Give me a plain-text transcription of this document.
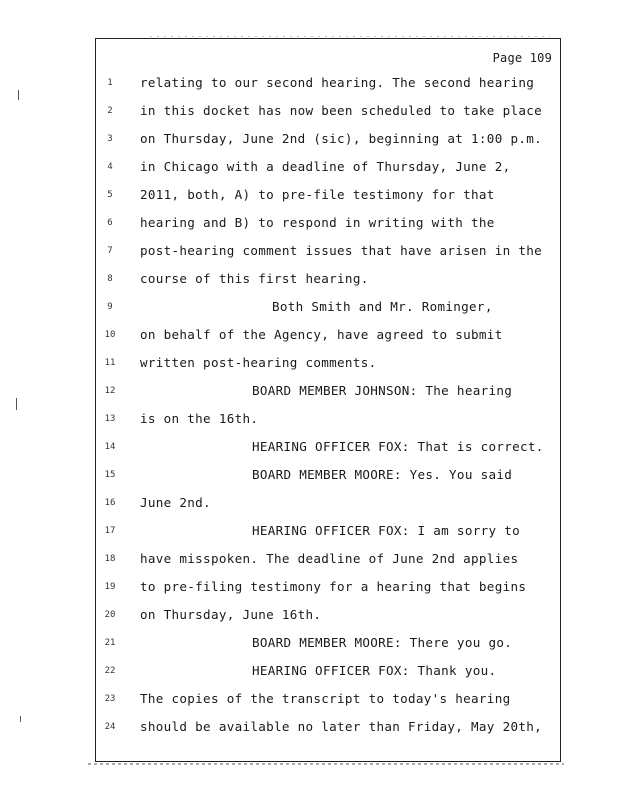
Page 109
1	relating to our second hearing. The second hearing
2	in this docket has now been scheduled to take place
3	on Thursday, June 2nd (sic), beginning at 1:00 p.m.
4	in Chicago with a deadline of Thursday, June 2,
5	2011, both, A) to pre-file testimony for that
6	hearing and B) to respond in writing with the
7	post-hearing comment issues that have arisen in the
8	course of this first hearing.
9	Both Smith and Mr. Rominger,
10 on behalf of the Agency, have agreed to submit
11 written post-hearing comments.
12	BOARD MEMBER JOHNSON: The hearing
13 is on the 16th.
14	HEARING OFFICER FOX: That is correct.
15	BOARD MEMBER MOORE: Yes. You said
16 June 2nd.
17	HEARING OFFICER FOX: I am sorry to
18 have misspoken. The deadline of June 2nd applies
19 to pre-filing testimony for a hearing that begins
20 on Thursday, June 16th.
21	BOARD MEMBER MOORE: There you go.
22	HEARING OFFICER FOX: Thank you.
23 The copies of the transcript to today's hearing
24 should be available no later than Friday, May 20th,
